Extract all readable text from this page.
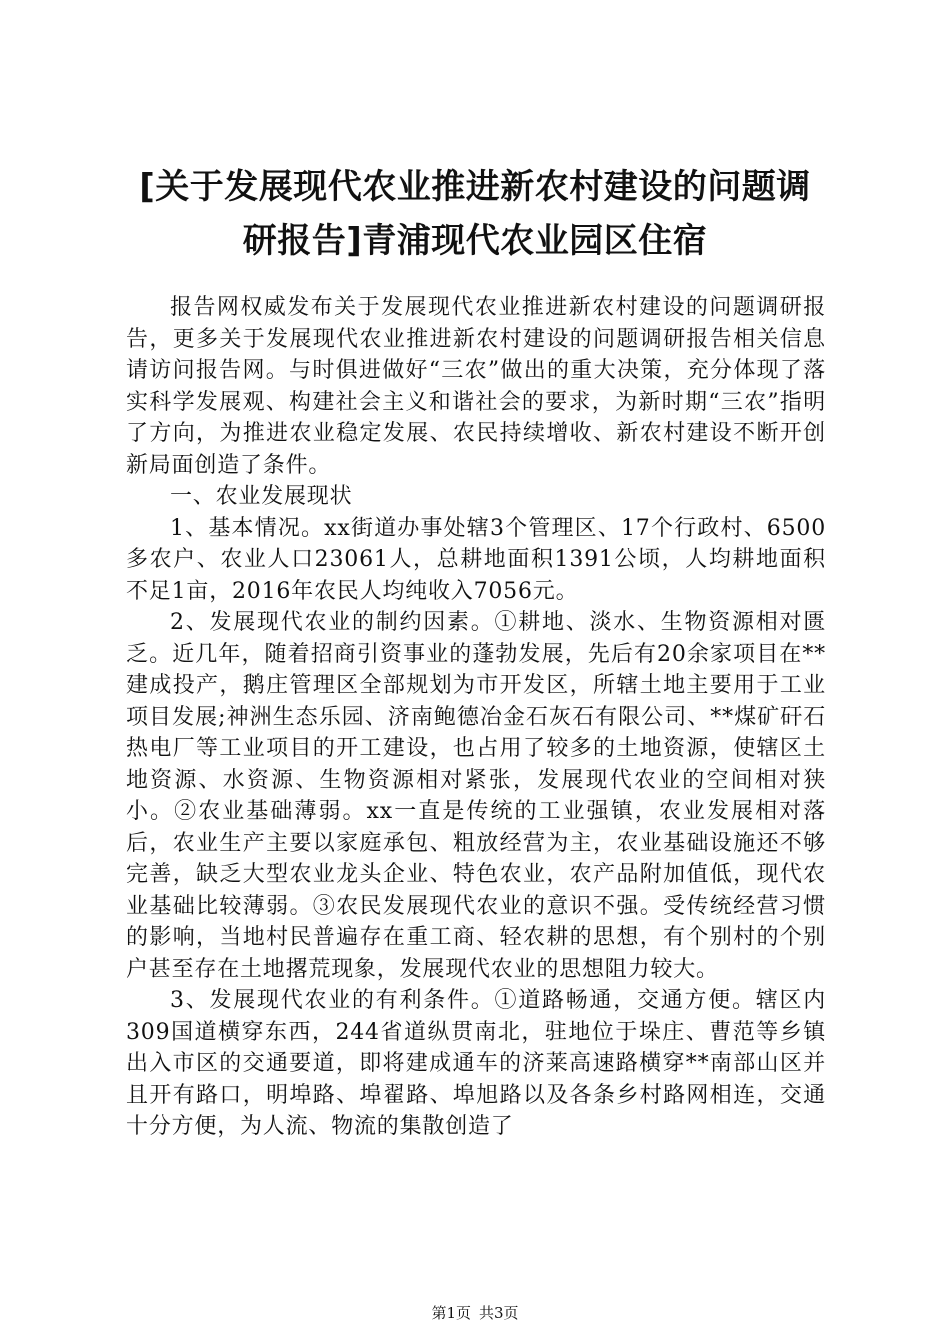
[关于发展现代农业推进新农村建设的问题调
研报告]青浦现代农业园区住宿

报告网权威发布关于发展现代农业推进新农村建设的问题调研报告，更多关于发展现代农业推进新农村建设的问题调研报告相关信息请访问报告网。与时俱进做好“三农”做出的重大决策，充分体现了落实科学发展观、构建社会主义和谐社会的要求，为新时期“三农”指明了方向，为推进农业稳定发展、农民持续增收、新农村建设不断开创新局面创造了条件。

一、农业发展现状

1、基本情况。xx街道办事处辖3个管理区、17个行政村、6500多农户、农业人口23061人，总耕地面积1391公顷，人均耕地面积不足1亩，2016年农民人均纯收入7056元。

2、发展现代农业的制约因素。①耕地、淡水、生物资源相对匮乏。近几年，随着招商引资事业的蓬勃发展，先后有20余家项目在**建成投产，鹅庄管理区全部规划为市开发区，所辖土地主要用于工业项目发展;神洲生态乐园、济南鲍德冶金石灰石有限公司、**煤矿矸石热电厂等工业项目的开工建设，也占用了较多的土地资源，使辖区土地资源、水资源、生物资源相对紧张，发展现代农业的空间相对狭小。②农业基础薄弱。xx一直是传统的工业强镇，农业发展相对落后，农业生产主要以家庭承包、粗放经营为主，农业基础设施还不够完善，缺乏大型农业龙头企业、特色农业，农产品附加值低，现代农业基础比较薄弱。③农民发展现代农业的意识不强。受传统经营习惯的影响，当地村民普遍存在重工商、轻农耕的思想，有个别村的个别户甚至存在土地撂荒现象，发展现代农业的思想阻力较大。

3、发展现代农业的有利条件。①道路畅通，交通方便。辖区内309国道横穿东西，244省道纵贯南北，驻地位于垛庄、曹范等乡镇出入市区的交通要道，即将建成通车的济莱高速路横穿**南部山区并且开有路口，明埠路、埠翟路、埠旭路以及各条乡村路网相连，交通十分方便，为人流、物流的集散创造了

第1页 共3页
